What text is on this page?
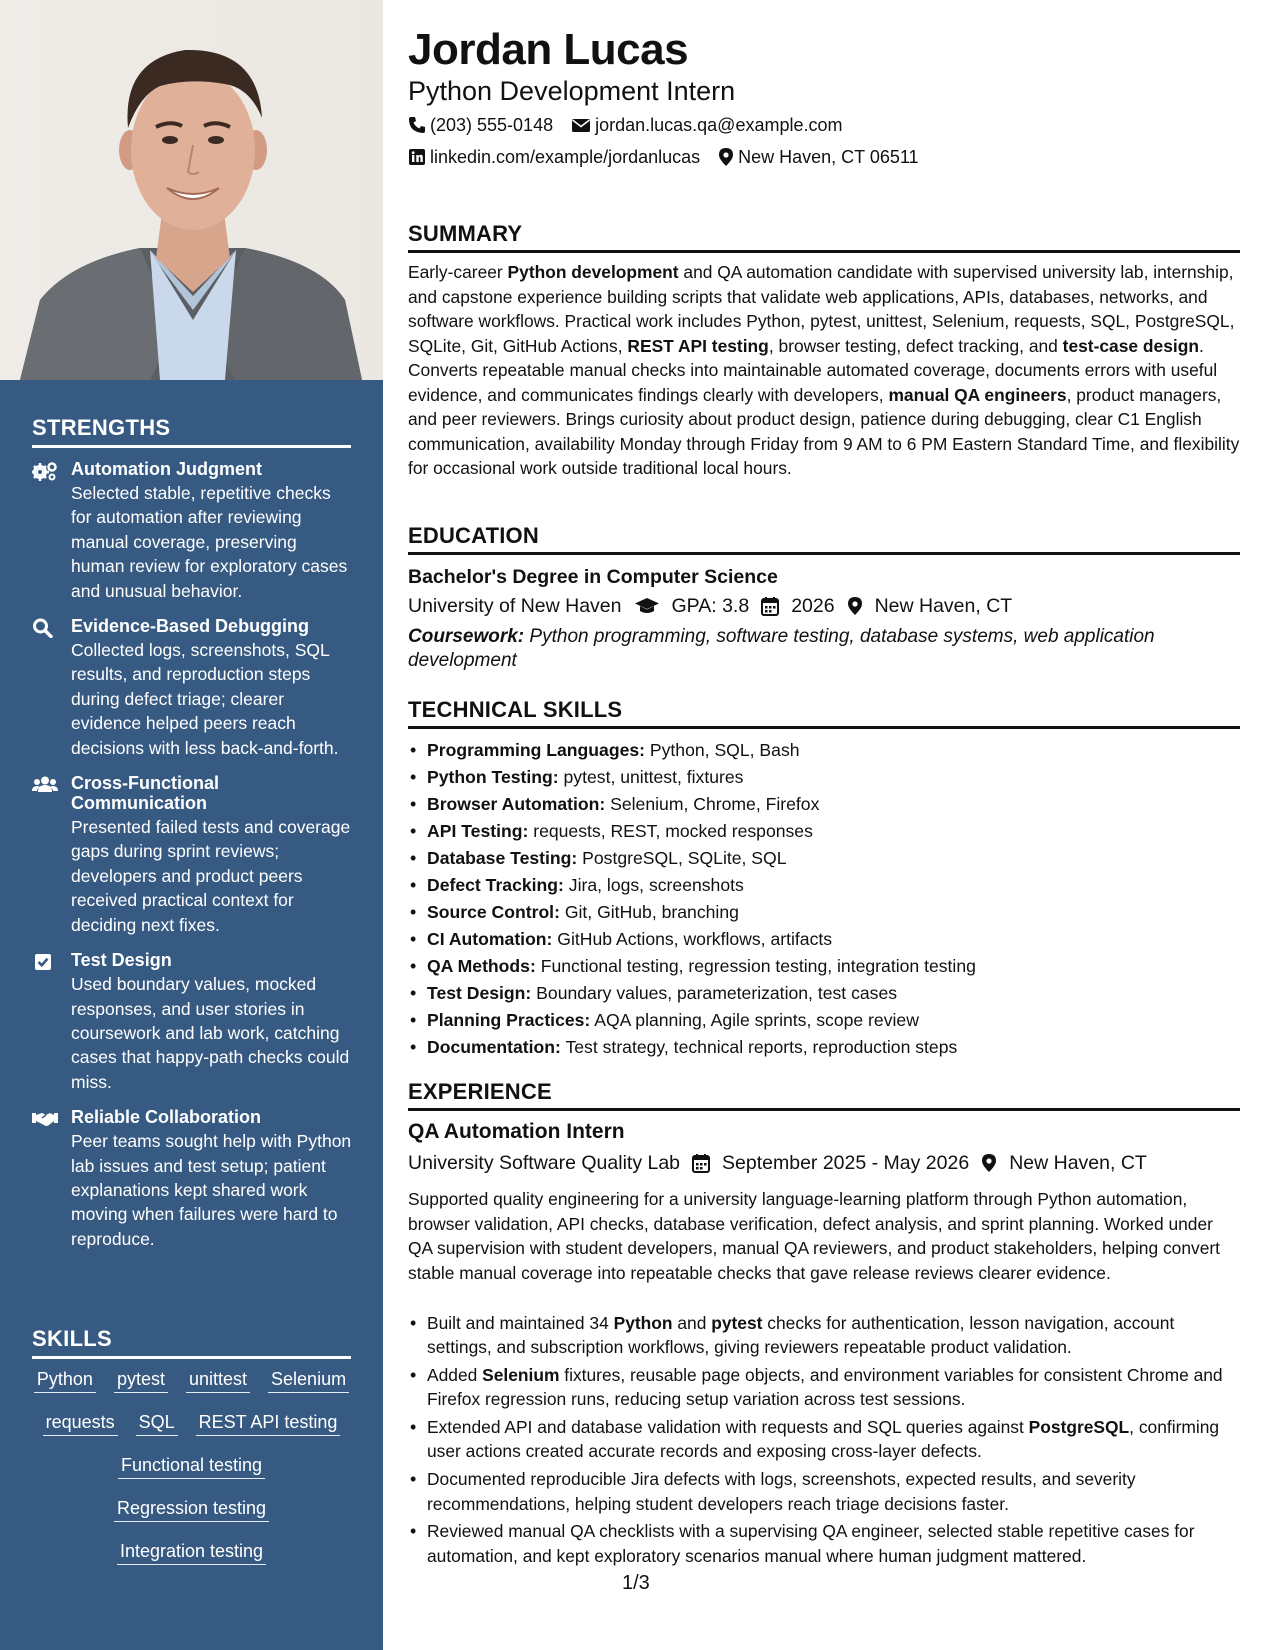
STRENGTHS
Automation Judgment
Selected stable, repetitive checks for automation after reviewing manual coverage, preserving human review for exploratory cases and unusual behavior.
Evidence-Based Debugging
Collected logs, screenshots, SQL results, and reproduction steps during defect triage; clearer evidence helped peers reach decisions with less back-and-forth.
Cross-Functional Communication
Presented failed tests and coverage gaps during sprint reviews; developers and product peers received practical context for deciding next fixes.
Test Design
Used boundary values, mocked responses, and user stories in coursework and lab work, catching cases that happy-path checks could miss.
Reliable Collaboration
Peer teams sought help with Python lab issues and test setup; patient explanations kept shared work moving when failures were hard to reproduce.
SKILLS
Python pytest unittest Selenium
requests SQL REST API testing
Functional testing
Regression testing
Integration testing
Jordan Lucas
Python Development Intern
(203) 555-0148 jordan.lucas.qa@example.com
linkedin.com/example/jordanlucas New Haven, CT 06511
SUMMARY
Early-career Python development and QA automation candidate with supervised university lab, internship, and capstone experience building scripts that validate web applications, APIs, databases, networks, and software workflows. Practical work includes Python, pytest, unittest, Selenium, requests, SQL, PostgreSQL, SQLite, Git, GitHub Actions, REST API testing, browser testing, defect tracking, and test-case design. Converts repeatable manual checks into maintainable automated coverage, documents errors with useful evidence, and communicates findings clearly with developers, manual QA engineers, product managers, and peer reviewers. Brings curiosity about product design, patience during debugging, clear C1 English communication, availability Monday through Friday from 9 AM to 6 PM Eastern Standard Time, and flexibility for occasional work outside traditional local hours.
EDUCATION
Bachelor's Degree in Computer Science
University of New Haven	GPA: 3.8 2026 New Haven, CT
Coursework: Python programming, software testing, database systems, web application development
TECHNICAL SKILLS
• Programming Languages: Python, SQL, Bash
• Python Testing: pytest, unittest, fixtures
• Browser Automation: Selenium, Chrome, Firefox
• API Testing: requests, REST, mocked responses
• Database Testing: PostgreSQL, SQLite, SQL
• Defect Tracking: Jira, logs, screenshots
• Source Control: Git, GitHub, branching
• CI Automation: GitHub Actions, workflows, artifacts
• QA Methods: Functional testing, regression testing, integration testing
• Test Design: Boundary values, parameterization, test cases
• Planning Practices: AQA planning, Agile sprints, scope review
• Documentation: Test strategy, technical reports, reproduction steps
EXPERIENCE
QA Automation Intern
University Software Quality Lab September 2025 - May 2026 New Haven, CT
Supported quality engineering for a university language-learning platform through Python automation, browser validation, API checks, database verification, defect analysis, and sprint planning. Worked under QA supervision with student developers, manual QA reviewers, and product stakeholders, helping convert stable manual coverage into repeatable checks that gave release reviews clearer evidence.
• Built and maintained 34 Python and pytest checks for authentication, lesson navigation, account settings, and subscription workflows, giving reviewers repeatable product validation.
• Added Selenium fixtures, reusable page objects, and environment variables for consistent Chrome and Firefox regression runs, reducing setup variation across test sessions.
• Extended API and database validation with requests and SQL queries against PostgreSQL, confirming user actions created accurate records and exposing cross-layer defects.
• Documented reproducible Jira defects with logs, screenshots, expected results, and severity recommendations, helping student developers reach triage decisions faster.
• Reviewed manual QA checklists with a supervising QA engineer, selected stable repetitive cases for automation, and kept exploratory scenarios manual where human judgment mattered.
1/3
